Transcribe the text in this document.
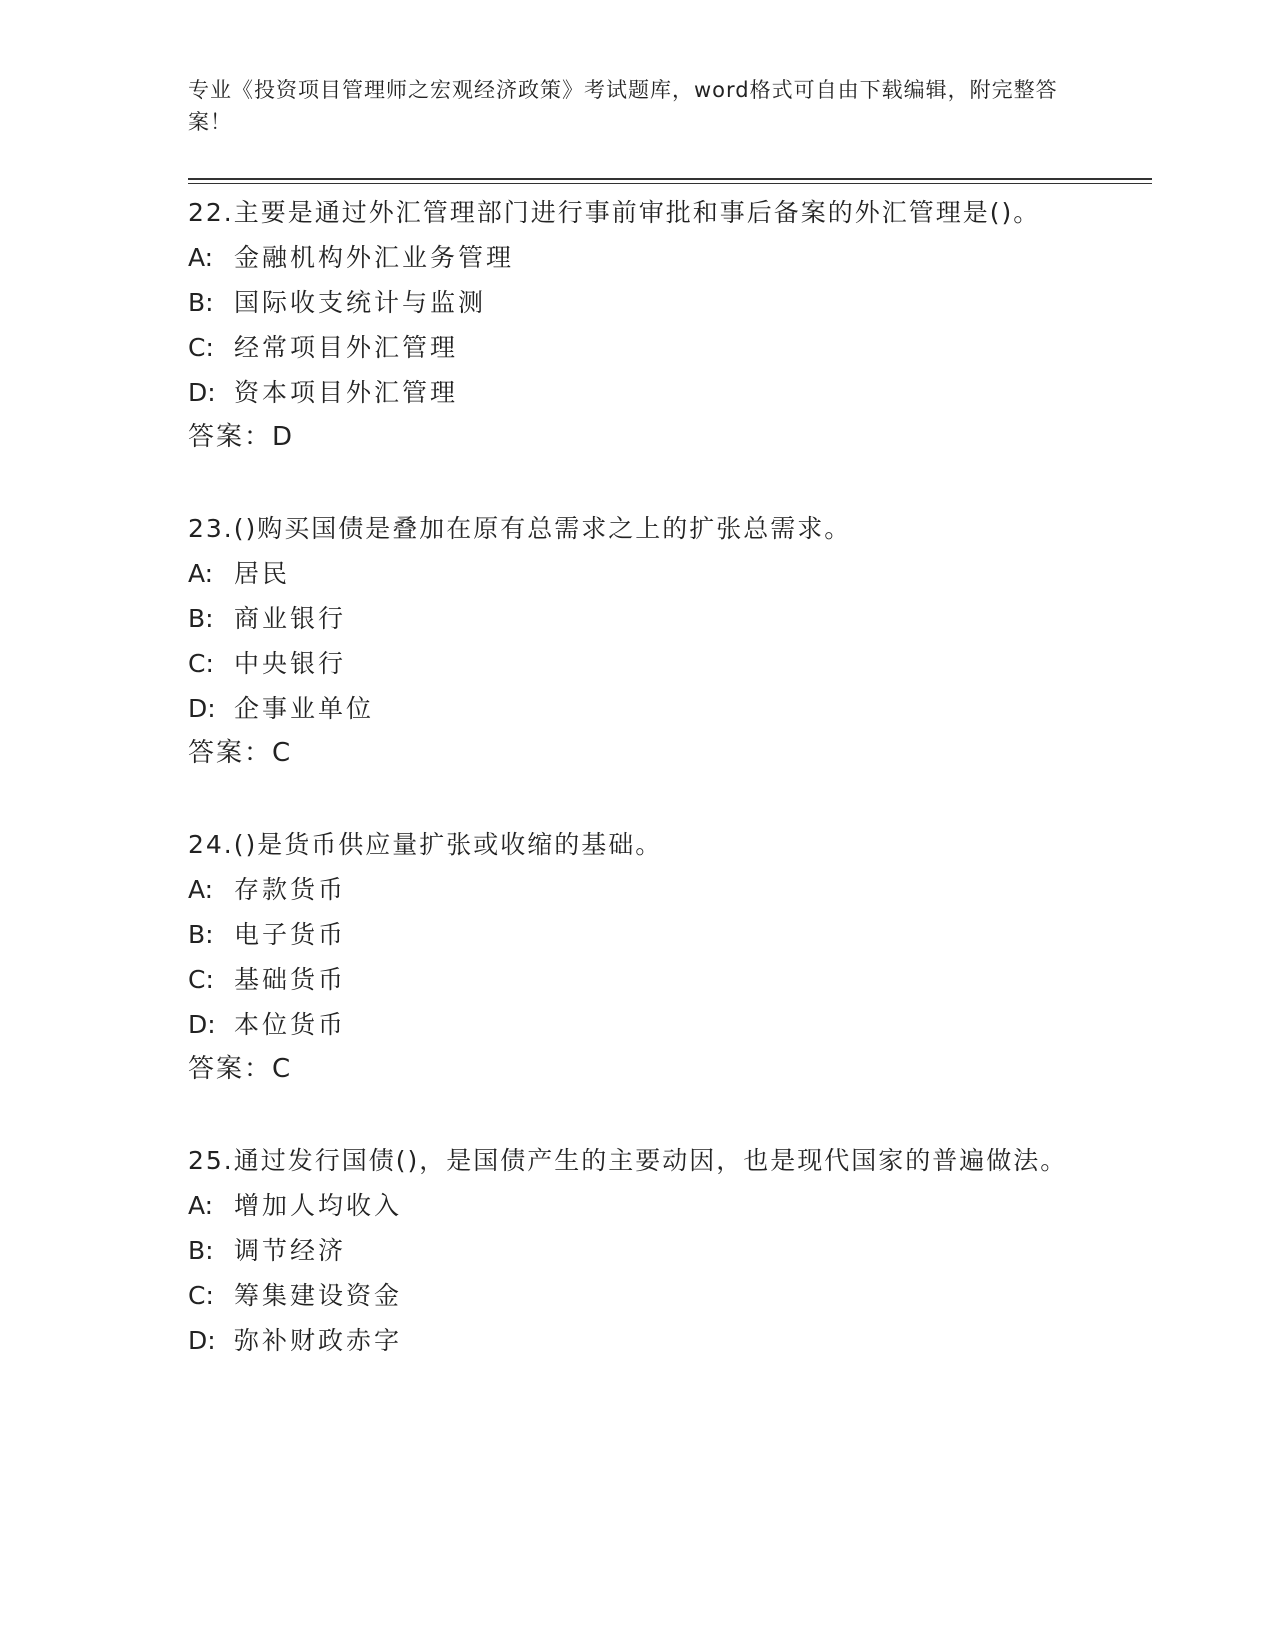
专业《投资项目管理师之宏观经济政策》考试题库，word格式可自由下载编辑，附完整答案！
22.主要是通过外汇管理部门进行事前审批和事后备案的外汇管理是()。
A: 金融机构外汇业务管理
B: 国际收支统计与监测
C: 经常项目外汇管理
D: 资本项目外汇管理
答案：D
23.()购买国债是叠加在原有总需求之上的扩张总需求。
A: 居民
B: 商业银行
C: 中央银行
D: 企事业单位
答案：C
24.()是货币供应量扩张或收缩的基础。
A: 存款货币
B: 电子货币
C: 基础货币
D: 本位货币
答案：C
25.通过发行国债()，是国债产生的主要动因，也是现代国家的普遍做法。
A: 增加人均收入
B: 调节经济
C: 筹集建设资金
D: 弥补财政赤字
